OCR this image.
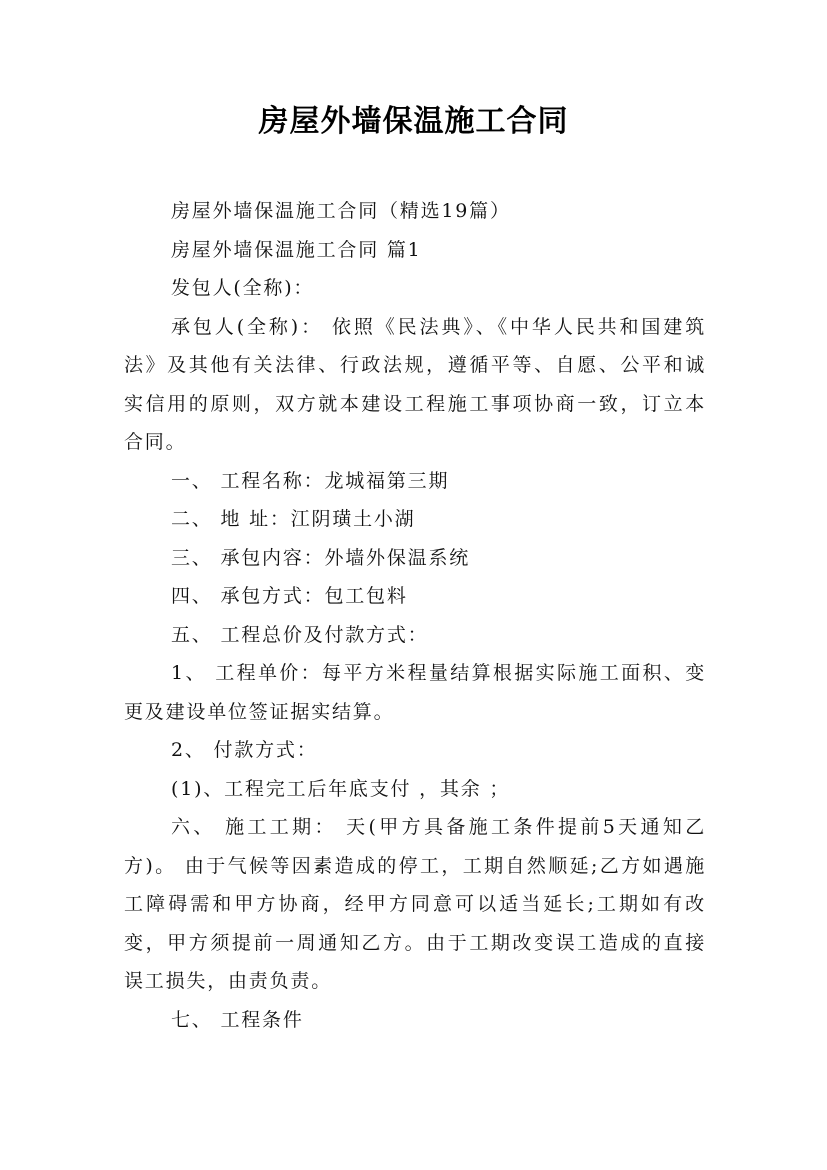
房屋外墙保温施工合同

房屋外墙保温施工合同（精选19篇）

房屋外墙保温施工合同 篇1

发包人(全称)：

承包人(全称)： 依照《民法典》、《中华人民共和国建筑法》及其他有关法律、行政法规，遵循平等、自愿、公平和诚实信用的原则，双方就本建设工程施工事项协商一致，订立本合同。

一、 工程名称：龙城福第三期

二、 地 址：江阴璜土小湖

三、 承包内容：外墙外保温系统

四、 承包方式：包工包料

五、 工程总价及付款方式：

1、 工程单价：每平方米程量结算根据实际施工面积、变更及建设单位签证据实结算。

2、 付款方式：

(1)、工程完工后年底支付 ，其余 ；

六、 施工工期： 天(甲方具备施工条件提前5天通知乙方)。 由于气候等因素造成的停工，工期自然顺延;乙方如遇施工障碍需和甲方协商，经甲方同意可以适当延长;工期如有改变，甲方须提前一周通知乙方。由于工期改变误工造成的直接误工损失，由责负责。

七、 工程条件
